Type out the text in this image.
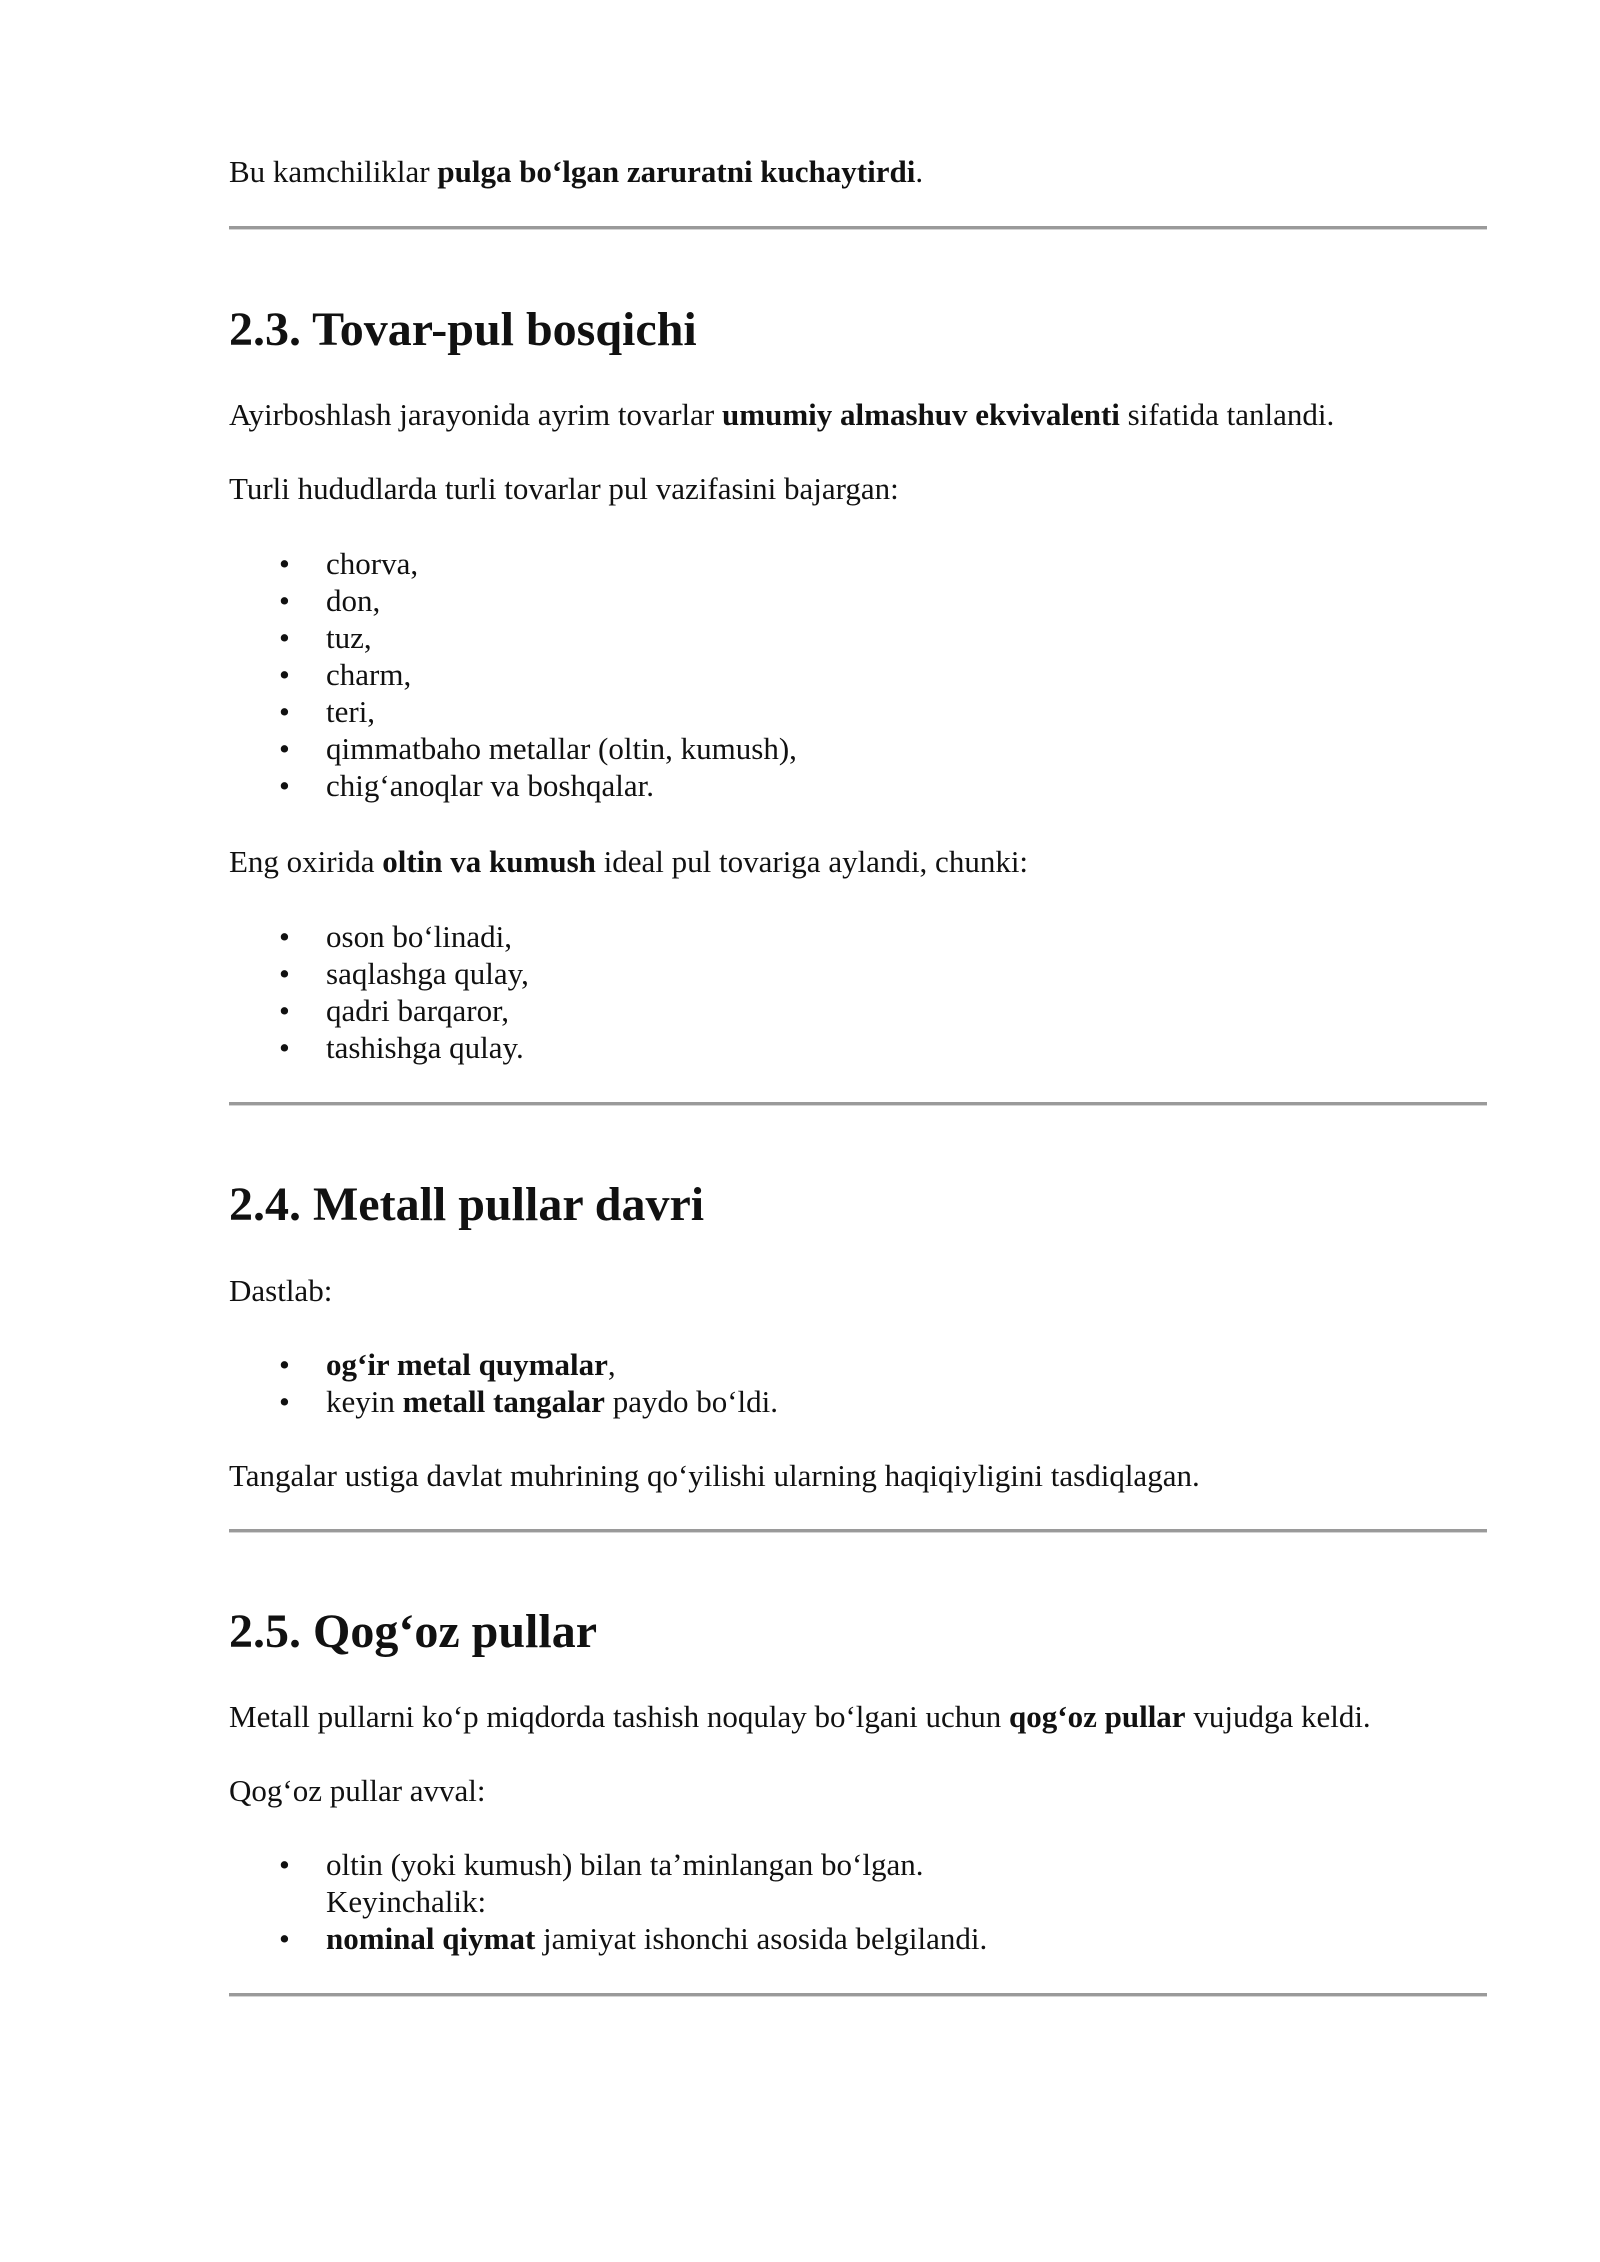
Bu kamchiliklar pulga boʻlgan zaruratni kuchaytirdi.

2.3. Tovar-pul bosqichi

Ayirboshlash jarayonida ayrim tovarlar umumiy almashuv ekvivalenti sifatida tanlandi.

Turli hududlarda turli tovarlar pul vazifasini bajargan:

• chorva,
• don,
• tuz,
• charm,
• teri,
• qimmatbaho metallar (oltin, kumush),
• chigʻanoqlar va boshqalar.

Eng oxirida oltin va kumush ideal pul tovariga aylandi, chunki:

• oson boʻlinadi,
• saqlashga qulay,
• qadri barqaror,
• tashishga qulay.
2.4. Metall pullar davri

Dastlab:

• ogʻir metal quymalar,
• keyin metall tangalar paydo boʻldi.

Tangalar ustiga davlat muhrining qoʻyilishi ularning haqiqiyligini tasdiqlagan.

2.5. Qogʻoz pullar

Metall pullarni koʻp miqdorda tashish noqulay boʻlgani uchun qogʻoz pullar vujudga keldi.

Qogʻoz pullar avval:

• oltin (yoki kumush) bilan taʼminlangan boʻlgan.
Keyinchalik:
• nominal qiymat jamiyat ishonchi asosida belgilandi.
